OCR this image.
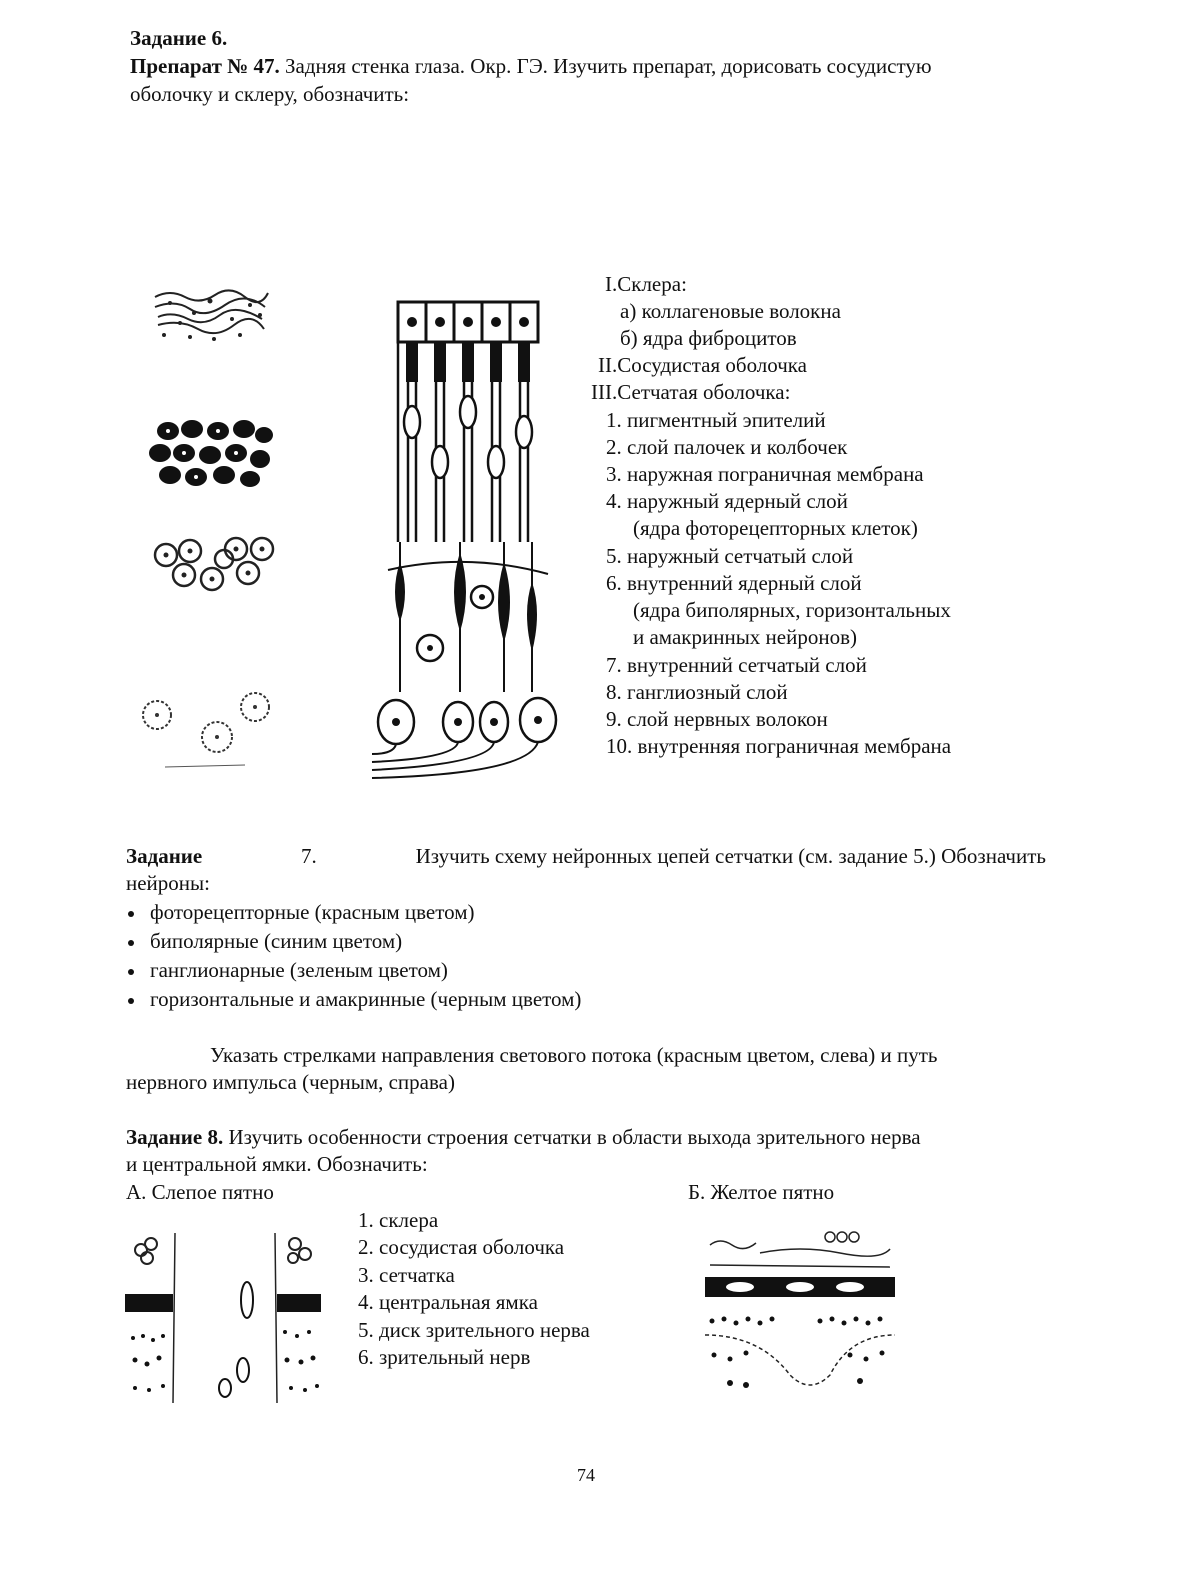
Задание 6.
Препарат № 47. Задняя стенка глаза. Окр. ГЭ. Изучить препарат, дорисовать сосудистую
оболочку и склеру, обозначить:
I.Склера:
а) коллагеновые волокна
б) ядра фиброцитов
II.Сосудистая оболочка
III.Сетчатая оболочка:
1. пигментный эпителий
2. слой палочек и колбочек
3. наружная пограничная мембрана
4. наружный ядерный слой
(ядра фоторецепторных клеток)
5. наружный сетчатый слой
6. внутренний ядерный слой
(ядра биполярных, горизонтальных
и амакринных нейронов)
7. внутренний сетчатый слой
8. ганглиозный слой
9. слой нервных волокон
10. внутренняя пограничная мембрана
Задание	7.	Изучить схему нейронных цепей сетчатки (см. задание 5.) Обозначить
нейроны:
фоторецепторные (красным цветом)
биполярные (синим цветом)
ганглионарные (зеленым цветом)
горизонтальные и амакринные (черным цветом)
Указать стрелками направления светового потока (красным цветом, слева) и путь
нервного импульса (черным, справа)
Задание 8. Изучить особенности строения сетчатки в области выхода зрительного нерва
и центральной ямки. Обозначить:
А. Слепое пятно	Б. Желтое пятно
1. склера
2. сосудистая оболочка
3. сетчатка
4. центральная ямка
5. диск зрительного нерва
6. зрительный нерв
74
